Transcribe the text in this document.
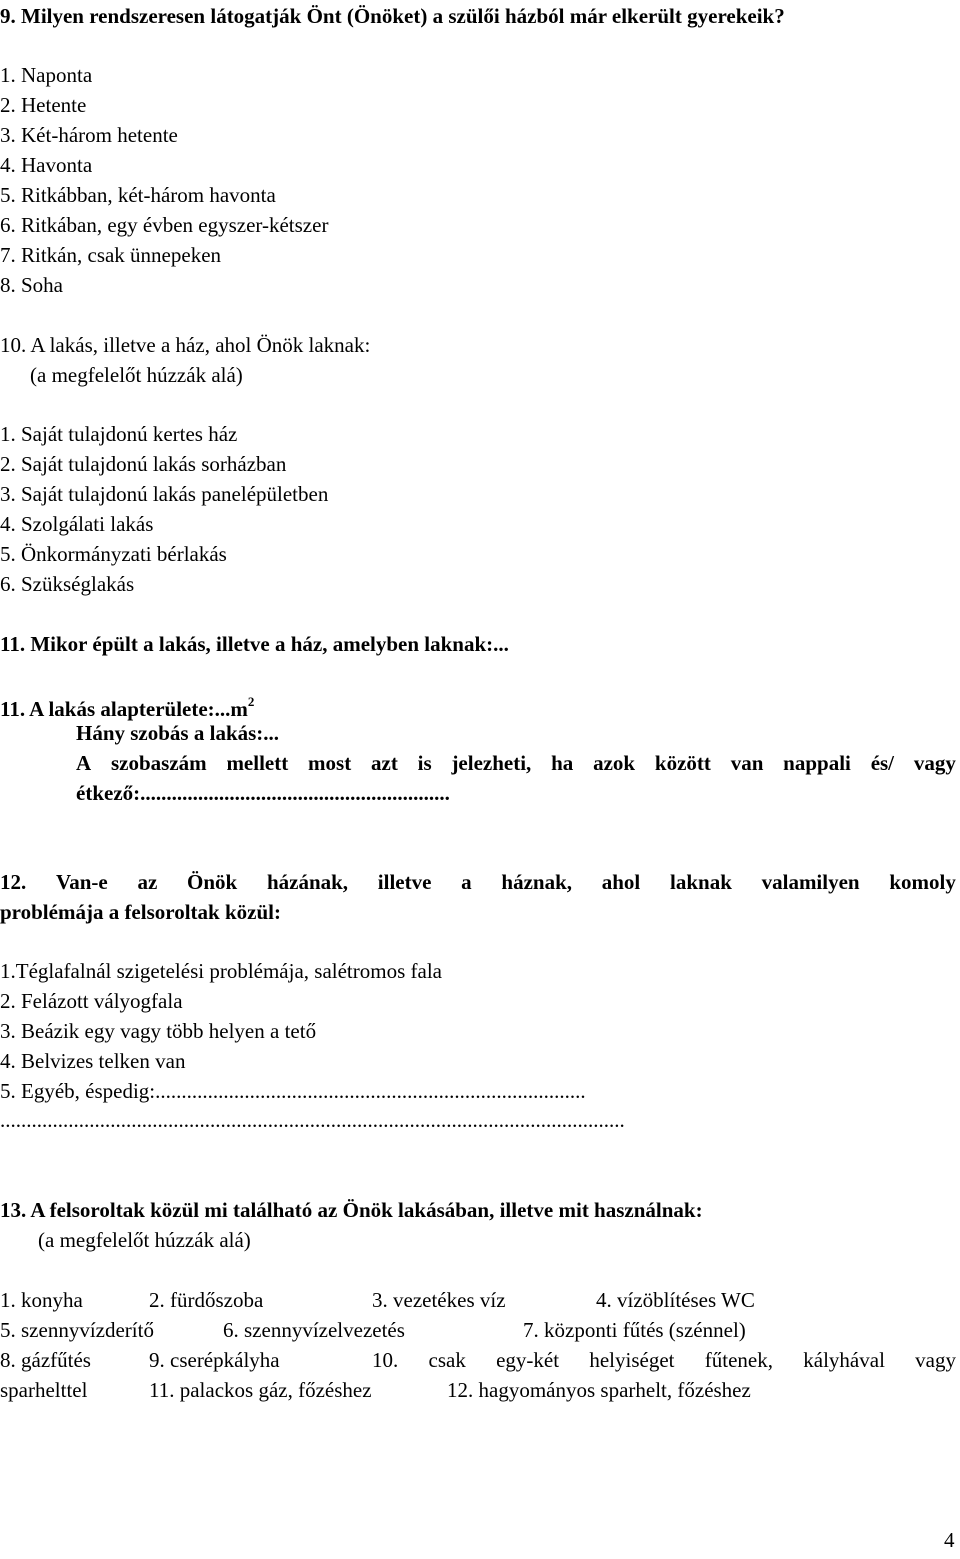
9. Milyen rendszeresen látogatják Önt (Önöket) a szülői házból már elkerült gyerekeik?
1. Naponta
2. Hetente
3. Két-három hetente
4. Havonta
5. Ritkábban, két-három havonta
6. Ritkában, egy évben egyszer-kétszer
7. Ritkán, csak ünnepeken
8. Soha
10. A lakás, illetve a ház, ahol Önök laknak:
(a megfelelőt húzzák alá)
1. Saját tulajdonú kertes ház
2. Saját tulajdonú lakás sorházban
3. Saját tulajdonú lakás panelépületben
4. Szolgálati lakás
5. Önkormányzati bérlakás
6. Szükséglakás
11. Mikor épült a lakás, illetve a ház, amelyben laknak:...
11. A lakás $alapterülete:...m^2$
Hány szobás a lakás:...
A szobaszám mellett most azt is jelezheti, ha azok között van nappali és/ vagy
étkező:...........................................................
12. Van-e az Önök házának, illetve a háznak, ahol laknak valamilyen komoly
problémája a felsoroltak közül:
1.Téglafalnál szigetelési problémája, salétromos fala
2. Felázott vályogfala
3. Beázik egy vagy több helyen a tető
4. Belvizes telken van
5. Egyéb, éspedig:..................................................................................
.......................................................................................................................
13. A felsoroltak közül mi található az Önök lakásában, illetve mit használnak:
(a megfelelőt húzzák alá)
1. konyha	2. fürdőszoba	3. vezetékes víz	4. vízöblítéses WC
5. szennyvízderítő	6. szennyvízelvezetés	7. központi fűtés (szénnel)
8. gázfűtés	9. cserépkályha	10. csak egy-két helyiséget fűtenek, kályhával vagy
sparhelttel	11. palackos gáz, főzéshez	12. hagyományos sparhelt, főzéshez
4
